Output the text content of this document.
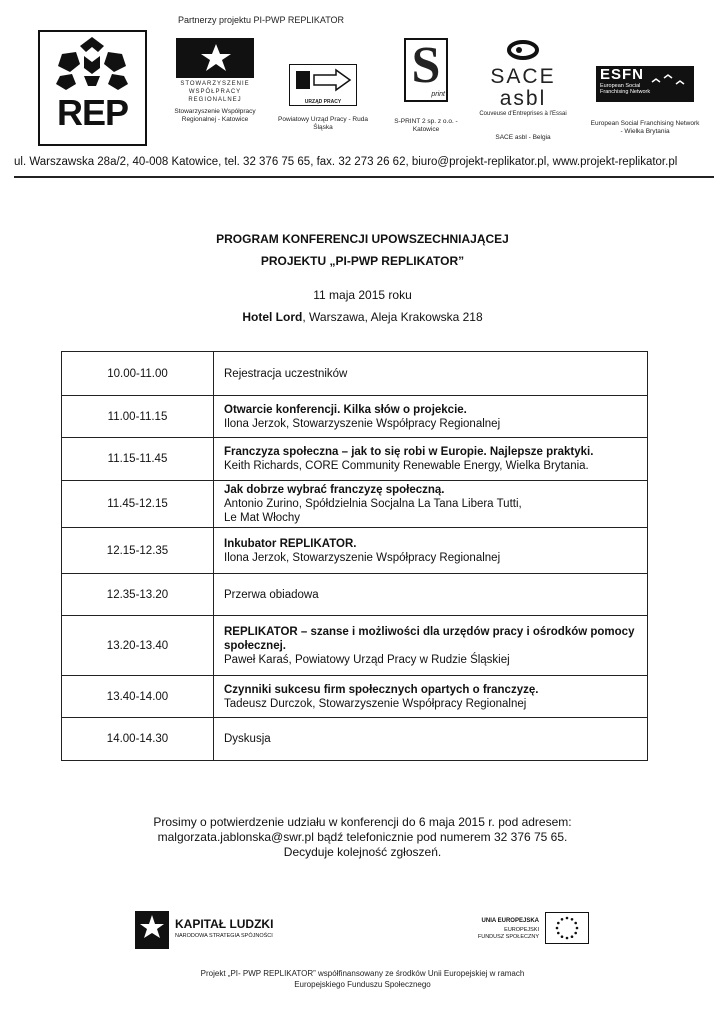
Partnerzy projektu PI-PWP REPLIKATOR
REP
STOWARZYSZENIE WSPÓŁPRACY REGIONALNEJ
Stowarzyszenie Współpracy Regionalnej - Katowice
URZĄD PRACY
Powiatowy Urząd Pracy - Ruda Śląska
S
print
S-PRINT 2 sp. z o.o. - Katowice
SACE asbl
Couveuse d'Entreprises à l'Essai
SACE asbl - Belgia
ESFN
European Social Franchising Network
European Social Franchising Network - Wielka Brytania
ul. Warszawska 28a/2, 40-008 Katowice, tel. 32 376 75 65, fax. 32 273 26 62, biuro@projekt-replikator.pl, www.projekt-replikator.pl
PROGRAM KONFERENCJI UPOWSZECHNIAJĄCEJ
PROJEKTU „PI-PWP REPLIKATOR”
11 maja 2015 roku
Hotel Lord, Warszawa, Aleja Krakowska 218
10.00-11.00	Rejestracja uczestników

11.00-11.15	Otwarcie konferencji. Kilka słów o projekcie.
Ilona Jerzok, Stowarzyszenie Współpracy Regionalnej

11.15-11.45	Franczyza społeczna – jak to się robi w Europie. Najlepsze praktyki.
Keith Richards, CORE Community Renewable Energy, Wielka Brytania.

11.45-12.15	Jak dobrze wybrać franczyzę społeczną.
Antonio Zurino, Spółdzielnia Socjalna La Tana Libera Tutti,
Le Mat Włochy

12.15-12.35	Inkubator REPLIKATOR.
Ilona Jerzok, Stowarzyszenie Współpracy Regionalnej

12.35-13.20	Przerwa obiadowa

13.20-13.40	REPLIKATOR – szanse i możliwości dla urzędów pracy i ośrodków pomocy społecznej.
Paweł Karaś, Powiatowy Urząd Pracy w Rudzie Śląskiej

13.40-14.00	Czynniki sukcesu firm społecznych opartych o franczyzę.
Tadeusz Durczok, Stowarzyszenie Współpracy Regionalnej

14.00-14.30	Dyskusja
Prosimy o potwierdzenie udziału w konferencji do 6 maja 2015 r. pod adresem:
malgorzata.jablonska@swr.pl bądź telefonicznie pod numerem 32 376 75 65.
Decyduje kolejność zgłoszeń.
KAPITAŁ LUDZKI
NARODOWA STRATEGIA SPÓJNOŚCI
UNIA EUROPEJSKA
EUROPEJSKI
FUNDUSZ SPOŁECZNY
Projekt „PI- PWP REPLIKATOR” współfinansowany ze środków Unii Europejskiej w ramach
Europejskiego Funduszu Społecznego
